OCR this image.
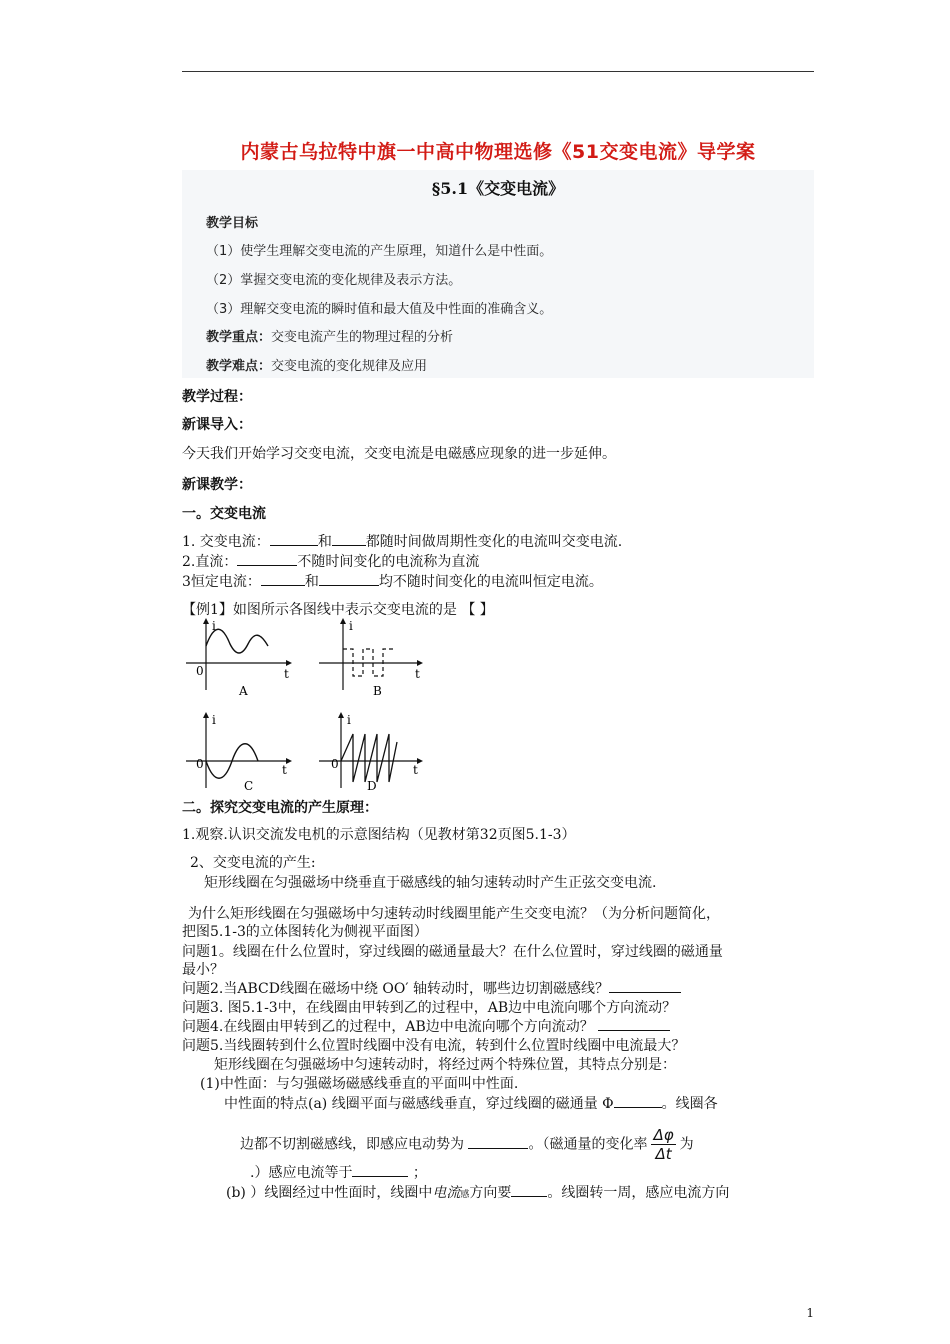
内蒙古乌拉特中旗一中高中物理选修《51交变电流》导学案
§5.1《交变电流》
教学目标
（1）使学生理解交变电流的产生原理，知道什么是中性面。
（2）掌握交变电流的变化规律及表示方法。
（3）理解交变电流的瞬时值和最大值及中性面的准确含义。
教学重点：交变电流产生的物理过程的分析
教学难点：交变电流的变化规律及应用
教学过程：
新课导入：
今天我们开始学习交变电流，交变电流是电磁感应现象的进一步延伸。
新课教学：
一。交变电流
1. 交变电流：	和 都随时间做周期性变化的电流叫交变电流.
2.直流：	不随时间变化的电流称为直流
3恒定电流：	和	均不随时间变化的电流叫恒定电流。
【例1】如图所示各图线中表示交变电流的是 【 】
i
0	t
A
i
t
B
i
0	t
C
i
0	t
D
二。探究交变电流的产生原理：
1.观察.认识交流发电机的示意图结构（见教材第32页图5.1-3）
2、交变电流的产生:
矩形线圈在匀强磁场中绕垂直于磁感线的轴匀速转动时产生正弦交变电流.
为什么矩形线圈在匀强磁场中匀速转动时线圈里能产生交变电流？（为分析问题简化，
把图5.1-3的立体图转化为侧视平面图）
问题1。线圈在什么位置时，穿过线圈的磁通量最大？在什么位置时，穿过线圈的磁通量
最小？
问题2.当ABCD线圈在磁场中绕 OO′ 轴转动时，哪些边切割磁感线？
问题3. 图5.1-3中，在线圈由甲转到乙的过程中，AB边中电流向哪个方向流动？
问题4.在线圈由甲转到乙的过程中，AB边中电流向哪个方向流动？
问题5.当线圈转到什么位置时线圈中没有电流，转到什么位置时线圈中电流最大？
矩形线圈在匀强磁场中匀速转动时，将经过两个特殊位置，其特点分别是：
(1)中性面：与匀强磁场磁感线垂直的平面叫中性面.
中性面的特点(a) 线圈平面与磁感线垂直，穿过线圈的磁通量 Φ	。线圈各
边都不切割磁感线，即感应电动势为	。（磁通量的变化率 $\frac{\Delta\varphi}{\Delta t}$ 为
.）感应电流等于	；
(b) ）线圈经过中性面时，线圈中电流感方向要	。线圈转一周，感应电流方向
1
